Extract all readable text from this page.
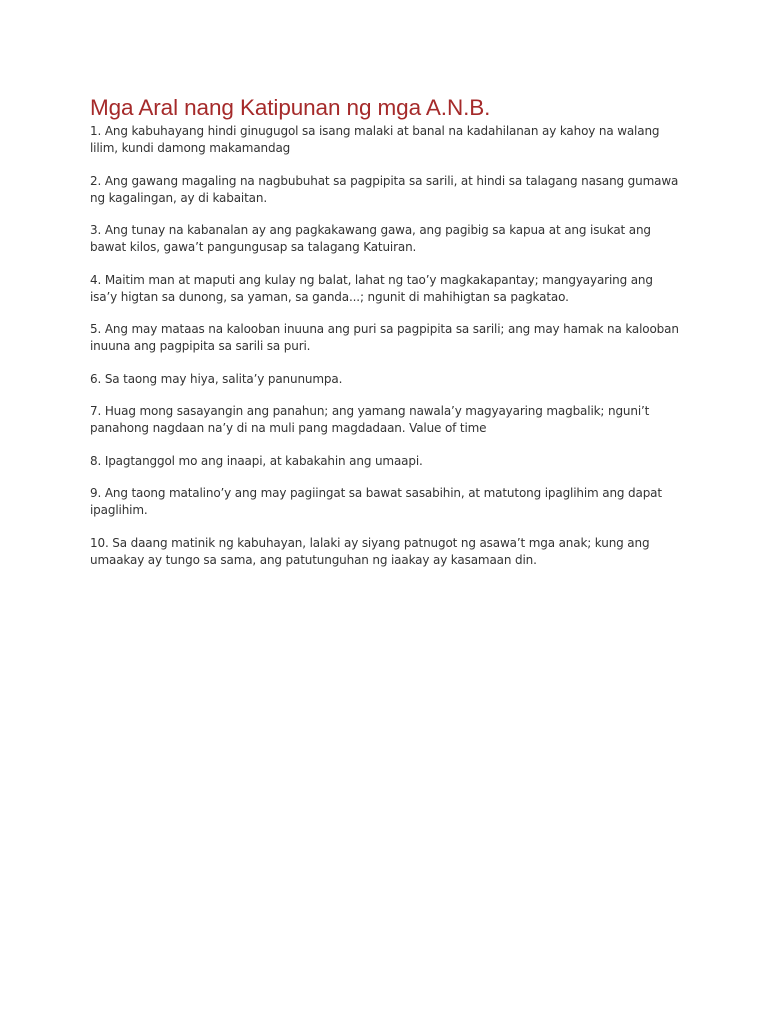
Mga Aral nang Katipunan ng mga A.N.B.

1. Ang kabuhayang hindi ginugugol sa isang malaki at banal na kadahilanan ay kahoy na walang lilim, kundi damong makamandag

2. Ang gawang magaling na nagbubuhat sa pagpipita sa sarili, at hindi sa talagang nasang gumawa ng kagalingan, ay di kabaitan.

3. Ang tunay na kabanalan ay ang pagkakawang gawa, ang pagibig sa kapua at ang isukat ang bawat kilos, gawa’t pangungusap sa talagang Katuiran.

4. Maitim man at maputi ang kulay ng balat, lahat ng tao’y magkakapantay; mangyayaring ang isa’y higtan sa dunong, sa yaman, sa ganda...; ngunit di mahihigtan sa pagkatao.

5. Ang may mataas na kalooban inuuna ang puri sa pagpipita sa sarili; ang may hamak na kalooban inuuna ang pagpipita sa sarili sa puri.

6. Sa taong may hiya, salita’y panunumpa.

7. Huag mong sasayangin ang panahun; ang yamang nawala’y magyayaring magbalik; nguni’t panahong nagdaan na’y di na muli pang magdadaan. Value of time

8. Ipagtanggol mo ang inaapi, at kabakahin ang umaapi.

9. Ang taong matalino’y ang may pagiingat sa bawat sasabihin, at matutong ipaglihim ang dapat ipaglihim.

10. Sa daang matinik ng kabuhayan, lalaki ay siyang patnugot ng asawa’t mga anak; kung ang umaakay ay tungo sa sama, ang patutunguhan ng iaakay ay kasamaan din.
